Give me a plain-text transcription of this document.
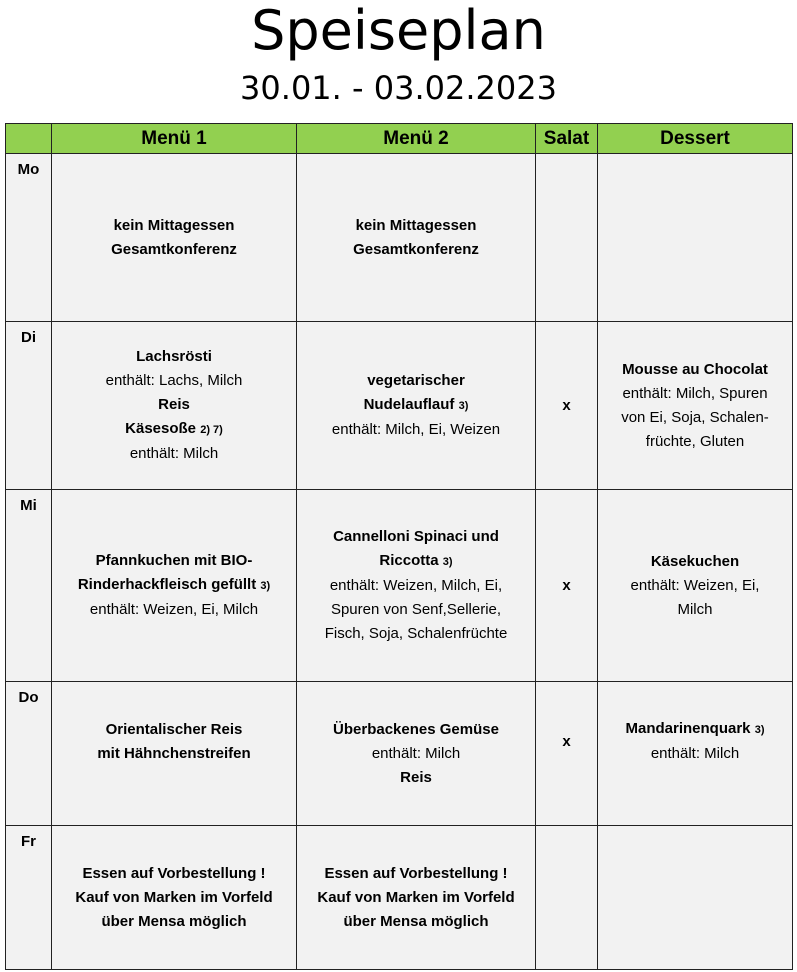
Speiseplan
30.01. - 03.02.2023
	Menü 1	Menü 2	Salat	Dessert
Mo	kein Mittagessen
Gesamtkonferenz	kein Mittagessen
Gesamtkonferenz		

Di	Lachsrösti
enthält: Lachs, Milch
Reis
Käsesoße 2) 7)
enthält: Milch	vegetarischer
Nudelauflauf 3)
enthält: Milch, Ei, Weizen	x	Mousse au Chocolat
enthält: Milch, Spuren
von Ei, Soja, Schalen-
früchte, Gluten

Mi	Pfannkuchen mit BIO-
Rinderhackfleisch gefüllt 3)
enthält: Weizen, Ei, Milch	Cannelloni Spinaci und
Riccotta 3)
enthält: Weizen, Milch, Ei,
Spuren von Senf,Sellerie,
Fisch, Soja, Schalenfrüchte	x	Käsekuchen
enthält: Weizen, Ei,
Milch

Do	Orientalischer Reis
mit Hähnchenstreifen	Überbackenes Gemüse
enthält: Milch
Reis	x	Mandarinenquark 3)
enthält: Milch

Fr	Essen auf Vorbestellung !
Kauf von Marken im Vorfeld
über Mensa möglich	Essen auf Vorbestellung !
Kauf von Marken im Vorfeld
über Mensa möglich		
